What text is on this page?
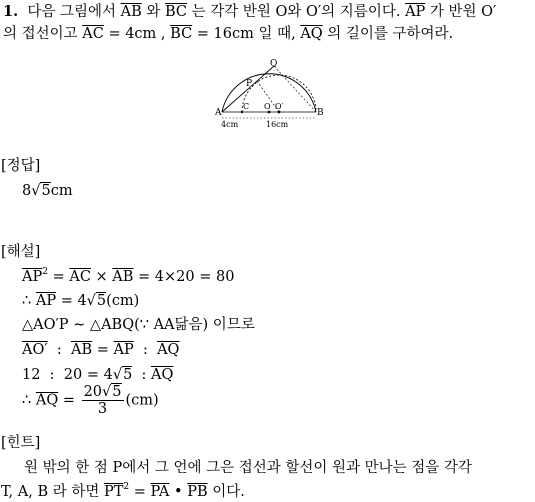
1. 다음 그림에서 $\overline{AB}$ 와 $\overline{BC}$ 는 각각 반원 O와 O′의 지름이다. $\overline{AP}$ 가 반원 O′
의 접선이고 $\overline{AC} = 4cm$ , $\overline{BC} = 16cm$ 일 때, $\overline{AQ}$ 의 길이를 구하여라.
Q
P
A	B
C O O′
4cm	16cm
[정답]
8√5cm
[해설]
$\overline{AP}^2 = \overline{AC} \times \overline{AB} = 4\times 20 = 80$
∴ $\overline{AP} = 4√5(cm)$
△AO′P ∼ △ABQ(∵ AA닮음) 이므로
AO′  :  $\overline{AB} = \overline{AP}$  :  $\overline{AQ}$
12  :  20 = 4√5  : $\overline{AQ}$
∴ $\overline{AQ} = \frac{20√5}{3} (cm)$
[힌트]
원 밖의 한 점 P에서 그 언에 그은 접선과 할선이 원과 만나는 점을 각각
T, A, B 라 하면 $\overline{PT}^2 = \overline{PA}$ • $\overline{PB}$ 이다.
